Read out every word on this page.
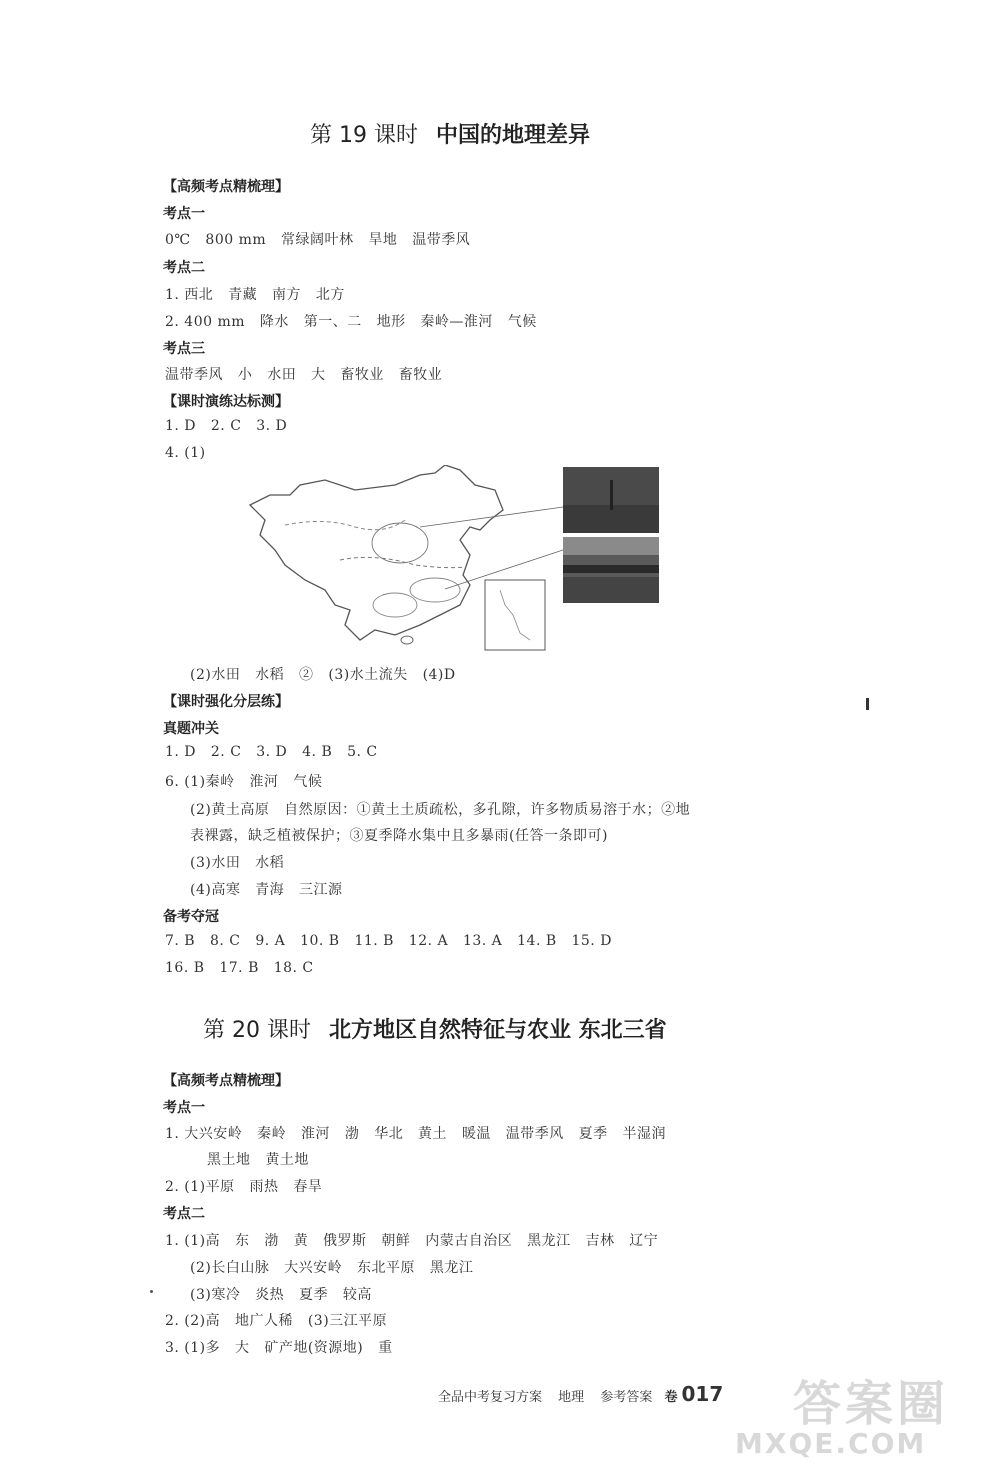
第 19 课时 中国的地理差异
【高频考点精梳理】
考点一
0℃   800 mm   常绿阔叶林   旱地   温带季风
考点二
1. 西北   青藏   南方   北方
2. 400 mm   降水   第一、二   地形   秦岭—淮河   气候
考点三
温带季风   小   水田   大   畜牧业   畜牧业
【课时演练达标测】
1. D   2. C   3. D
4. (1)
(2)水田   水稻   ②   (3)水土流失   (4)D
【课时强化分层练】
真题冲关
1. D   2. C   3. D   4. B   5. C
6. (1)秦岭   淮河   气候
(2)黄土高原   自然原因：①黄土土质疏松，多孔隙，许多物质易溶于水；②地
表裸露，缺乏植被保护；③夏季降水集中且多暴雨(任答一条即可)
(3)水田   水稻
(4)高寒   青海   三江源
备考夺冠
7. B   8. C   9. A   10. B   11. B   12. A   13. A   14. B   15. D
16. B   17. B   18. C
第 20 课时 北方地区自然特征与农业 东北三省
【高频考点精梳理】
考点一
1. 大兴安岭   秦岭   淮河   渤   华北   黄土   暖温   温带季风   夏季   半湿润
黑土地   黄土地
2. (1)平原   雨热   春旱
考点二
1. (1)高   东   渤   黄   俄罗斯   朝鲜   内蒙古自治区   黑龙江   吉林   辽宁
(2)长白山脉   大兴安岭   东北平原   黑龙江
(3)寒冷   炎热   夏季   较高
2. (2)高   地广人稀   (3)三江平原
3. (1)多   大   矿产地(资源地)   重
全品中考复习方案 地理 参考答案 卷 017 答案圈
MXQE.COM
